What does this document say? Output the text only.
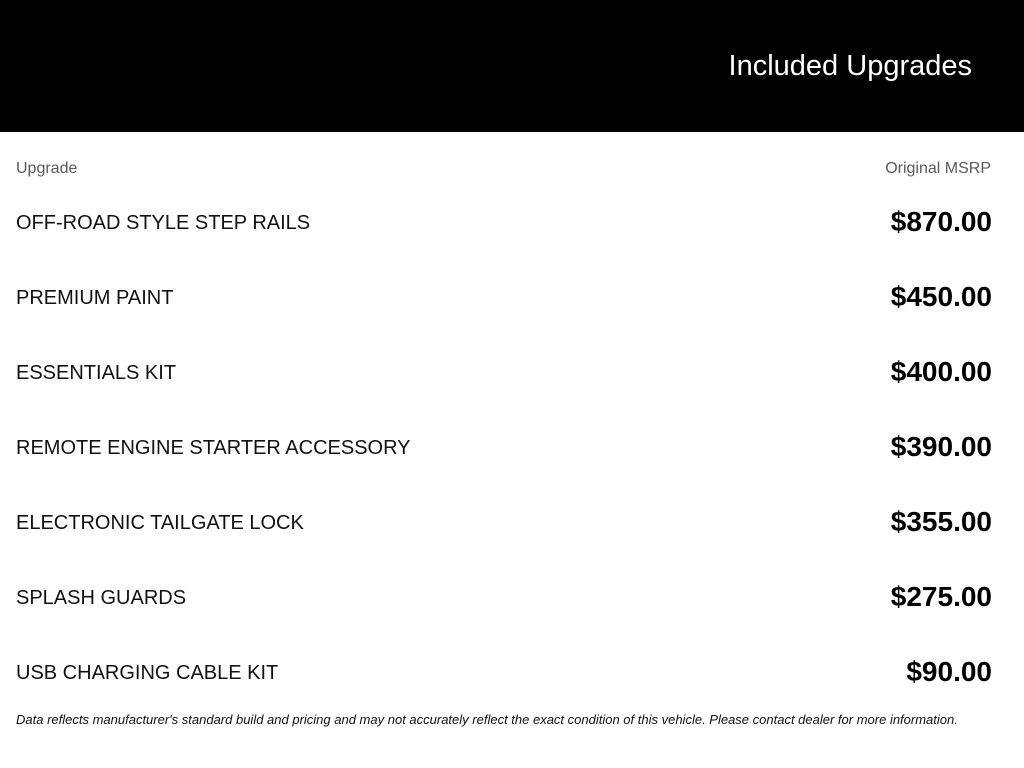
Included Upgrades
Upgrade	Original MSRP
OFF-ROAD STYLE STEP RAILS	$870.00
PREMIUM PAINT	$450.00
ESSENTIALS KIT	$400.00
REMOTE ENGINE STARTER ACCESSORY	$390.00
ELECTRONIC TAILGATE LOCK	$355.00
SPLASH GUARDS	$275.00
USB CHARGING CABLE KIT	$90.00
Data reflects manufacturer's standard build and pricing and may not accurately reflect the exact condition of this vehicle. Please contact dealer for more information.
